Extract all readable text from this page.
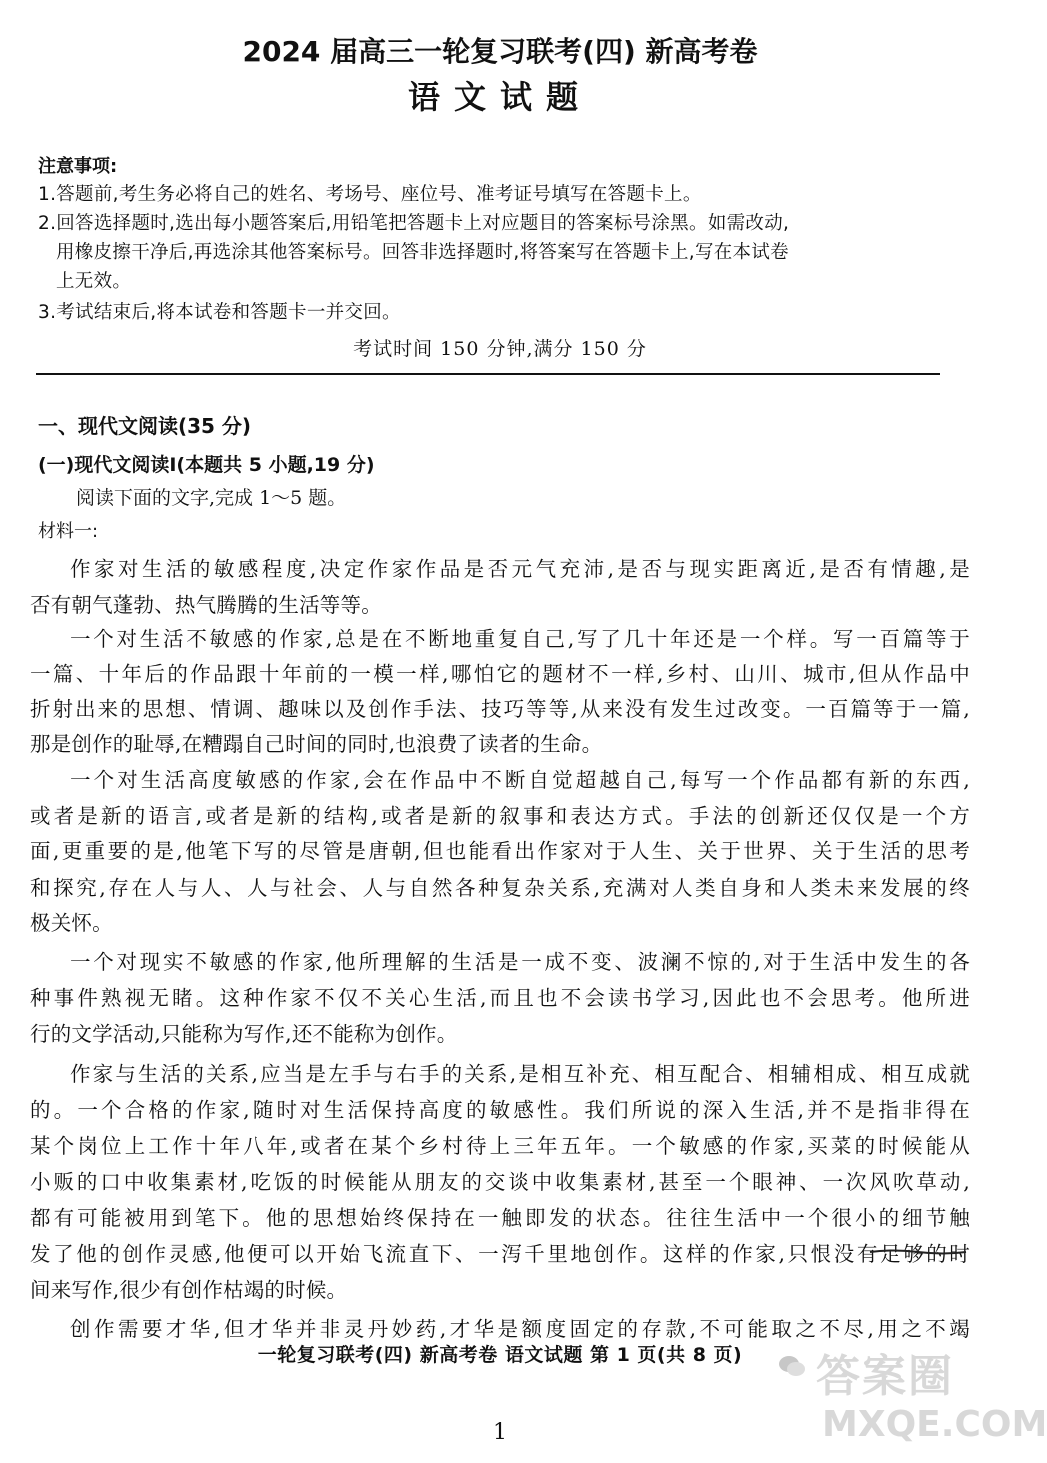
2024 届高三一轮复习联考(四) 新高考卷
语文试题
注意事项:
1.答题前,考生务必将自己的姓名、考场号、座位号、准考证号填写在答题卡上。
2.回答选择题时,选出每小题答案后,用铅笔把答题卡上对应题目的答案标号涂黑。如需改动,
用橡皮擦干净后,再选涂其他答案标号。回答非选择题时,将答案写在答题卡上,写在本试卷
上无效。
3.考试结束后,将本试卷和答题卡一并交回。
考试时间 150 分钟,满分 150 分
一、现代文阅读(35 分)
(一)现代文阅读Ⅰ(本题共 5 小题,19 分)
阅读下面的文字,完成 1～5 题。
材料一:
作家对生活的敏感程度,决定作家作品是否元气充沛,是否与现实距离近,是否有情趣,是
否有朝气蓬勃、热气腾腾的生活等等。
一个对生活不敏感的作家,总是在不断地重复自己,写了几十年还是一个样。写一百篇等于
一篇、十年后的作品跟十年前的一模一样,哪怕它的题材不一样,乡村、山川、城市,但从作品中
折射出来的思想、情调、趣味以及创作手法、技巧等等,从来没有发生过改变。一百篇等于一篇,
那是创作的耻辱,在糟蹋自己时间的同时,也浪费了读者的生命。
一个对生活高度敏感的作家,会在作品中不断自觉超越自己,每写一个作品都有新的东西,
或者是新的语言,或者是新的结构,或者是新的叙事和表达方式。手法的创新还仅仅是一个方
面,更重要的是,他笔下写的尽管是唐朝,但也能看出作家对于人生、关于世界、关于生活的思考
和探究,存在人与人、人与社会、人与自然各种复杂关系,充满对人类自身和人类未来发展的终
极关怀。
一个对现实不敏感的作家,他所理解的生活是一成不变、波澜不惊的,对于生活中发生的各
种事件熟视无睹。这种作家不仅不关心生活,而且也不会读书学习,因此也不会思考。他所进
行的文学活动,只能称为写作,还不能称为创作。
作家与生活的关系,应当是左手与右手的关系,是相互补充、相互配合、相辅相成、相互成就
的。一个合格的作家,随时对生活保持高度的敏感性。我们所说的深入生活,并不是指非得在
某个岗位上工作十年八年,或者在某个乡村待上三年五年。一个敏感的作家,买菜的时候能从
小贩的口中收集素材,吃饭的时候能从朋友的交谈中收集素材,甚至一个眼神、一次风吹草动,
都有可能被用到笔下。他的思想始终保持在一触即发的状态。往往生活中一个很小的细节触
发了他的创作灵感,他便可以开始飞流直下、一泻千里地创作。这样的作家,只恨没有足够的时
间来写作,很少有创作枯竭的时候。
创作需要才华,但才华并非灵丹妙药,才华是额度固定的存款,不可能取之不尽,用之不竭
一轮复习联考(四) 新高考卷 语文试题 第 1 页(共 8 页)
1
答案圈
MXQE.COM
